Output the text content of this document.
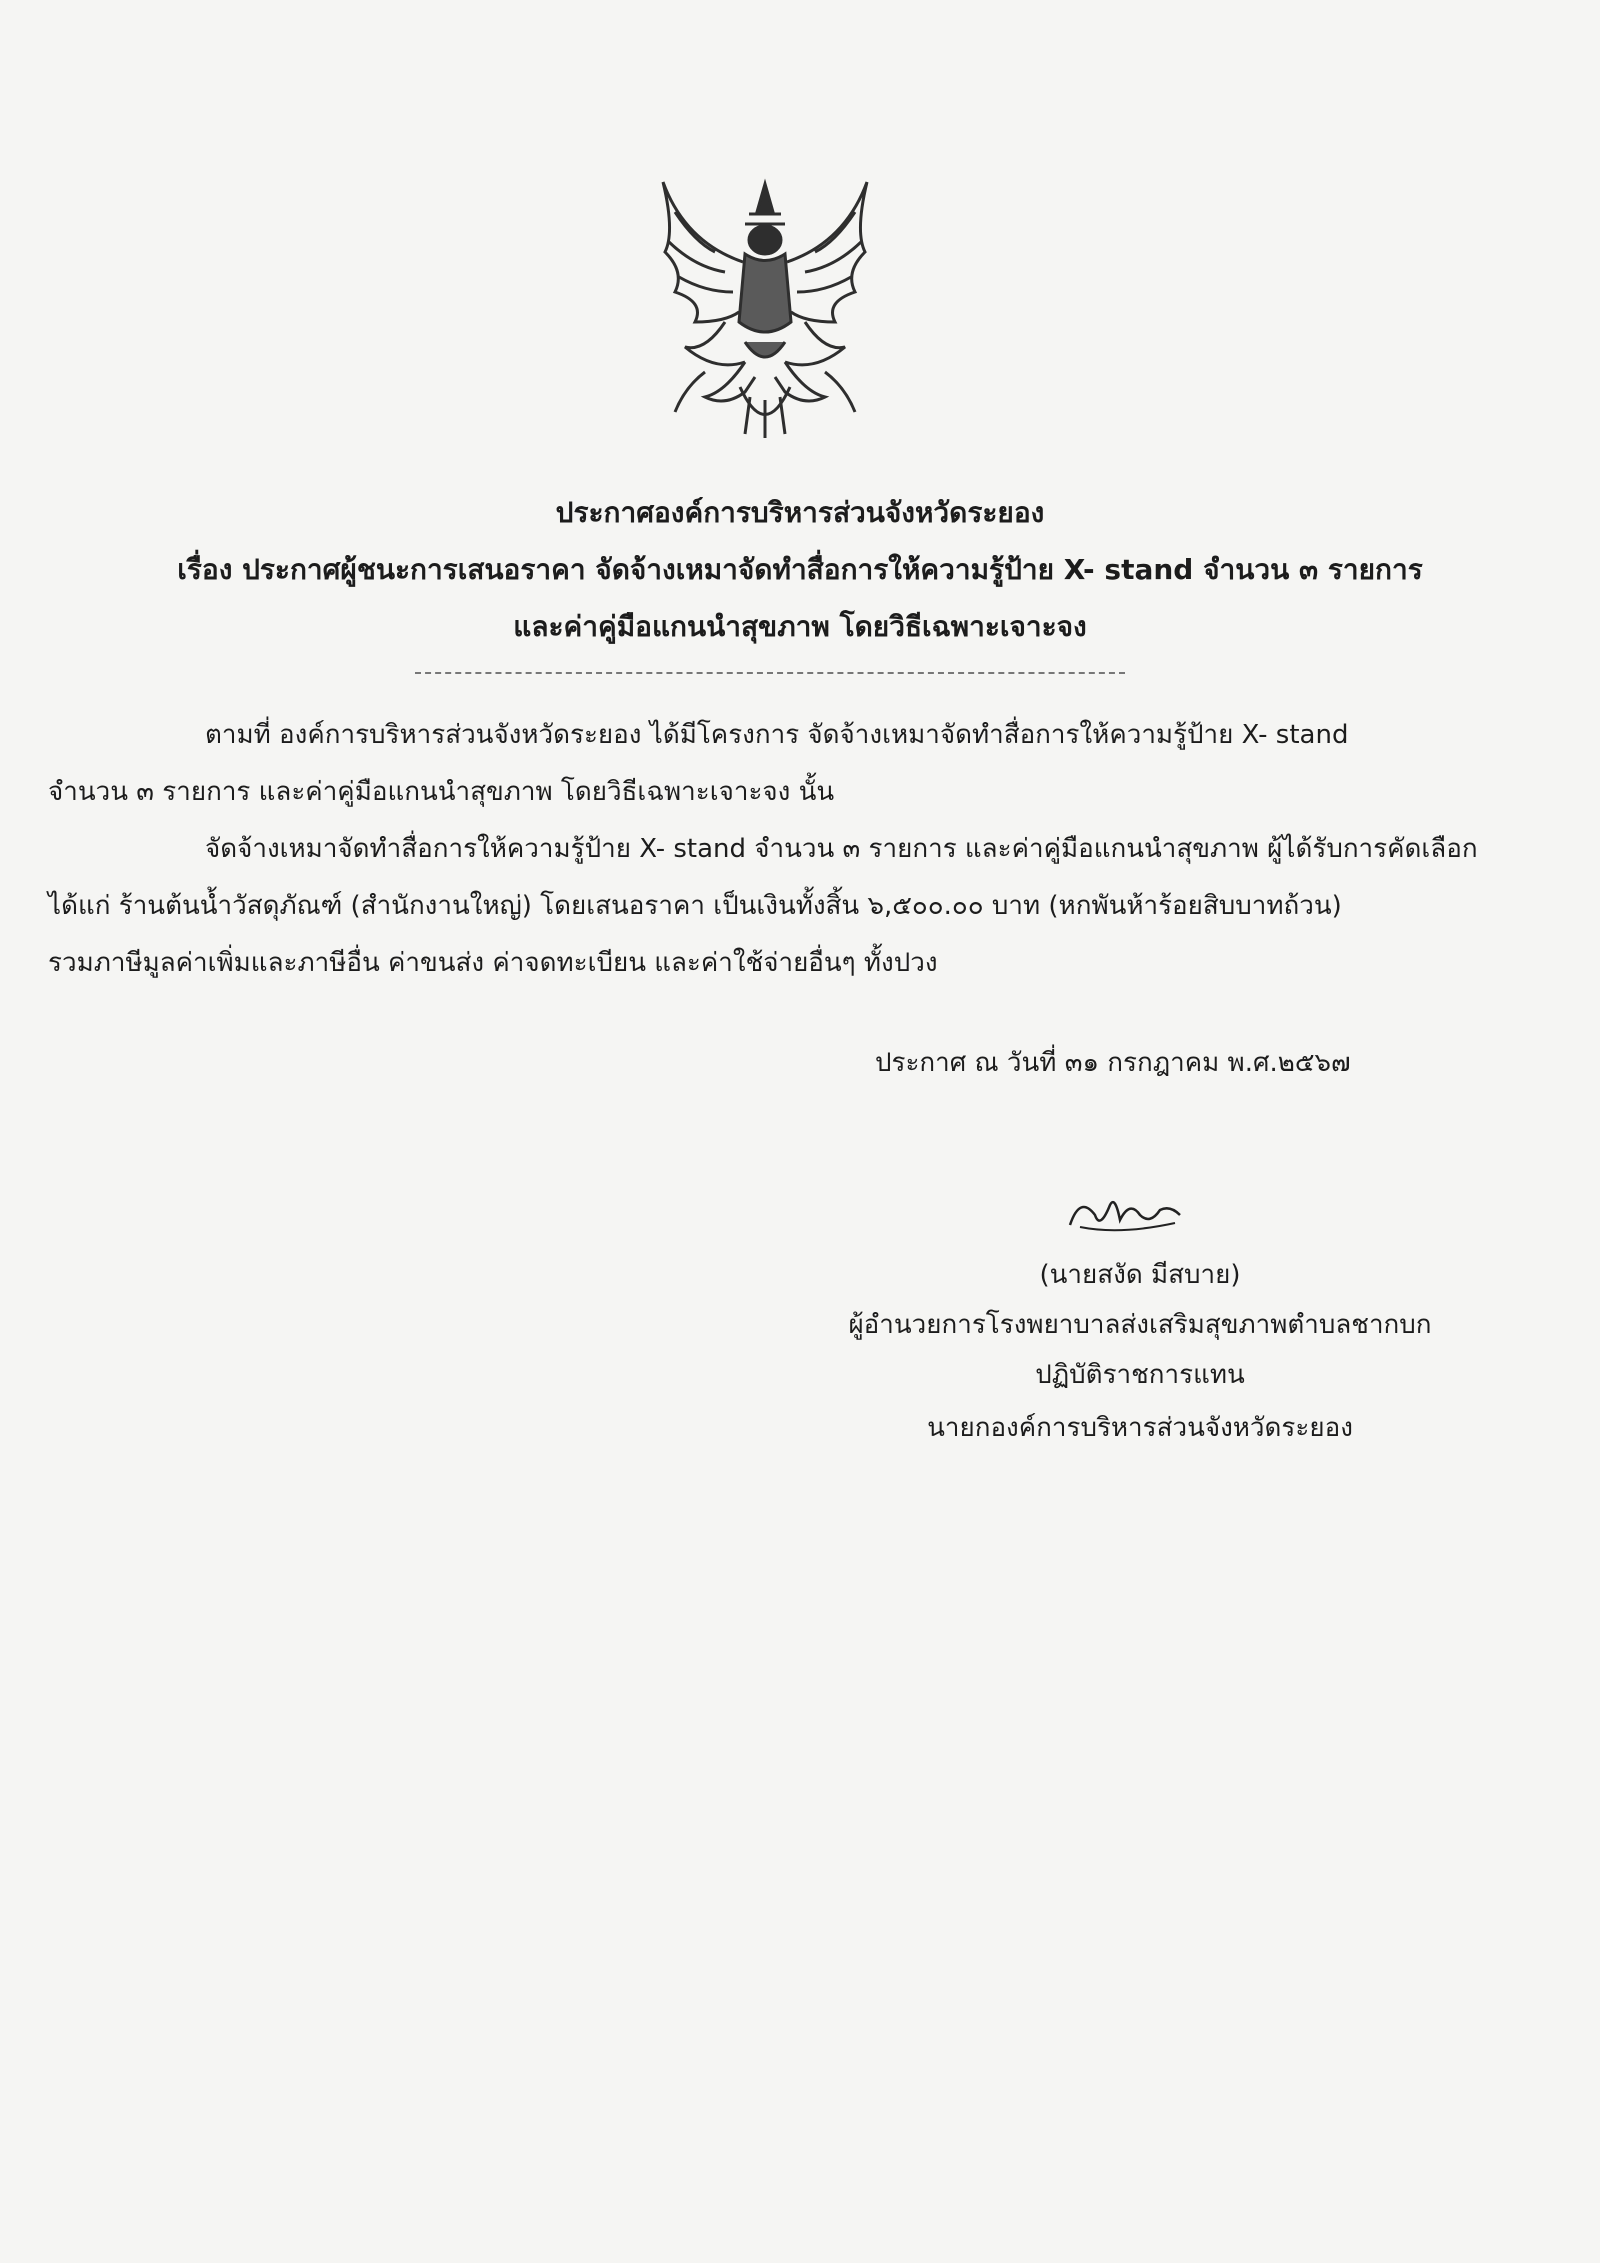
ประกาศองค์การบริหารส่วนจังหวัดระยอง
เรื่อง ประกาศผู้ชนะการเสนอราคา จัดจ้างเหมาจัดทำสื่อการให้ความรู้ป้าย X- stand จำนวน ๓ รายการ
และค่าคู่มือแกนนำสุขภาพ โดยวิธีเฉพาะเจาะจง
ตามที่ องค์การบริหารส่วนจังหวัดระยอง ได้มีโครงการ จัดจ้างเหมาจัดทำสื่อการให้ความรู้ป้าย X- stand
จำนวน ๓ รายการ และค่าคู่มือแกนนำสุขภาพ โดยวิธีเฉพาะเจาะจง นั้น
จัดจ้างเหมาจัดทำสื่อการให้ความรู้ป้าย X- stand จำนวน ๓ รายการ และค่าคู่มือแกนนำสุขภาพ ผู้ได้รับการคัดเลือก
ได้แก่ ร้านต้นน้ำวัสดุภัณฑ์ (สำนักงานใหญ่) โดยเสนอราคา เป็นเงินทั้งสิ้น ๖,๕๐๐.๐๐ บาท (หกพันห้าร้อยสิบบาทถ้วน)
รวมภาษีมูลค่าเพิ่มและภาษีอื่น ค่าขนส่ง ค่าจดทะเบียน และค่าใช้จ่ายอื่นๆ ทั้งปวง
ประกาศ ณ วันที่ ๓๑ กรกฎาคม พ.ศ.๒๕๖๗
(นายสงัด มีสบาย)
ผู้อำนวยการโรงพยาบาลส่งเสริมสุขภาพตำบลชากบก
ปฏิบัติราชการแทน
นายกองค์การบริหารส่วนจังหวัดระยอง
